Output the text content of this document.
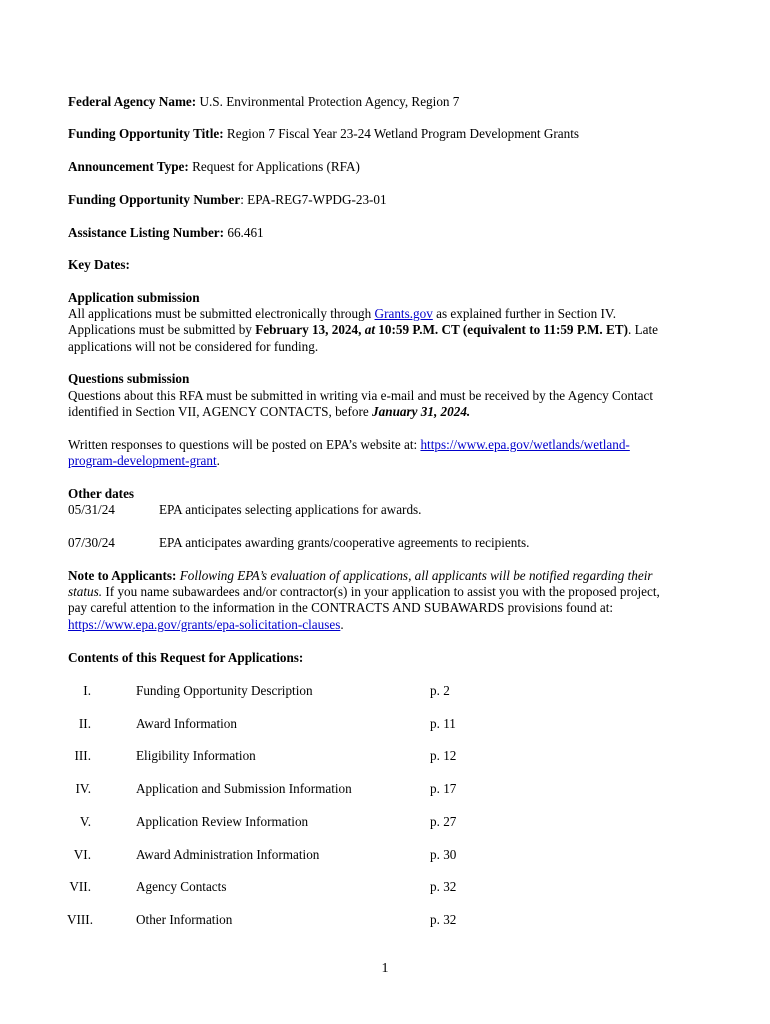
Federal Agency Name: U.S. Environmental Protection Agency, Region 7
Funding Opportunity Title: Region 7 Fiscal Year 23-24 Wetland Program Development Grants
Announcement Type: Request for Applications (RFA)
Funding Opportunity Number: EPA-REG7-WPDG-23-01
Assistance Listing Number: 66.461
Key Dates:
Application submission
All applications must be submitted electronically through Grants.gov as explained further in Section IV.
Applications must be submitted by February 13, 2024, at 10:59 P.M. CT (equivalent to 11:59 P.M. ET). Late
applications will not be considered for funding.
Questions submission
Questions about this RFA must be submitted in writing via e-mail and must be received by the Agency Contact
identified in Section VII, AGENCY CONTACTS, before January 31, 2024.
Written responses to questions will be posted on EPA’s website at: https://www.epa.gov/wetlands/wetland-
program-development-grant.
Other dates
05/31/24	EPA anticipates selecting applications for awards.
07/30/24	EPA anticipates awarding grants/cooperative agreements to recipients.
Note to Applicants: Following EPA’s evaluation of applications, all applicants will be notified regarding their
status. If you name subawardees and/or contractor(s) in your application to assist you with the proposed project,
pay careful attention to the information in the CONTRACTS AND SUBAWARDS provisions found at:
https://www.epa.gov/grants/epa-solicitation-clauses.
Contents of this Request for Applications:
I.	Funding Opportunity Description	p. 2
II.	Award Information	p. 11
III.	Eligibility Information	p. 12
IV.	Application and Submission Information	p. 17
V.	Application Review Information	p. 27
VI.	Award Administration Information	p. 30
VII.	Agency Contacts	p. 32
VIII.	Other Information	p. 32
1
